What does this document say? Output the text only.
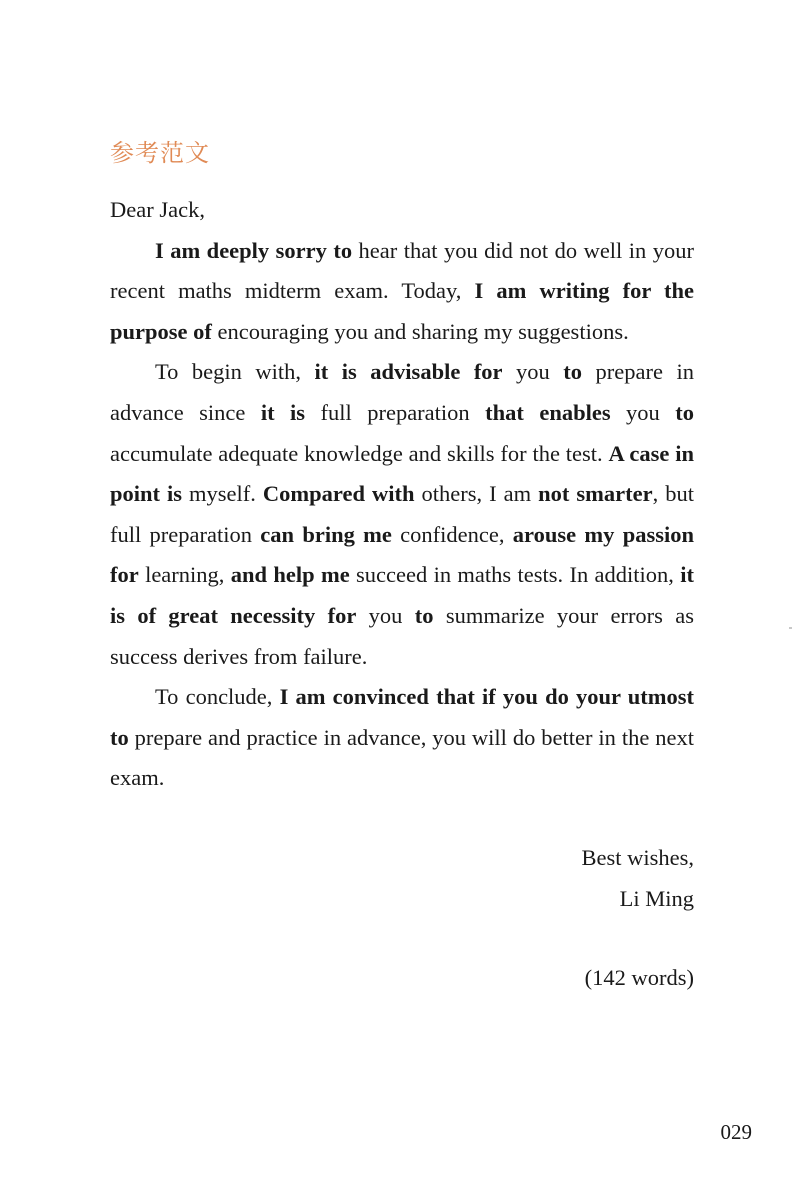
参考范文

Dear Jack,

I am deeply sorry to hear that you did not do well in your recent maths midterm exam. Today, I am writing for the purpose of encouraging you and sharing my suggestions.

To begin with, it is advisable for you to prepare in advance since it is full preparation that enables you to accumulate adequate knowledge and skills for the test. A case in point is myself. Compared with others, I am not smarter, but full preparation can bring me confidence, arouse my passion for learning, and help me succeed in maths tests. In addition, it is of great necessity for you to summarize your errors as success derives from failure.

To conclude, I am convinced that if you do your utmost to prepare and practice in advance, you will do better in the next exam.

Best wishes,
Li Ming
(142 words)
029
